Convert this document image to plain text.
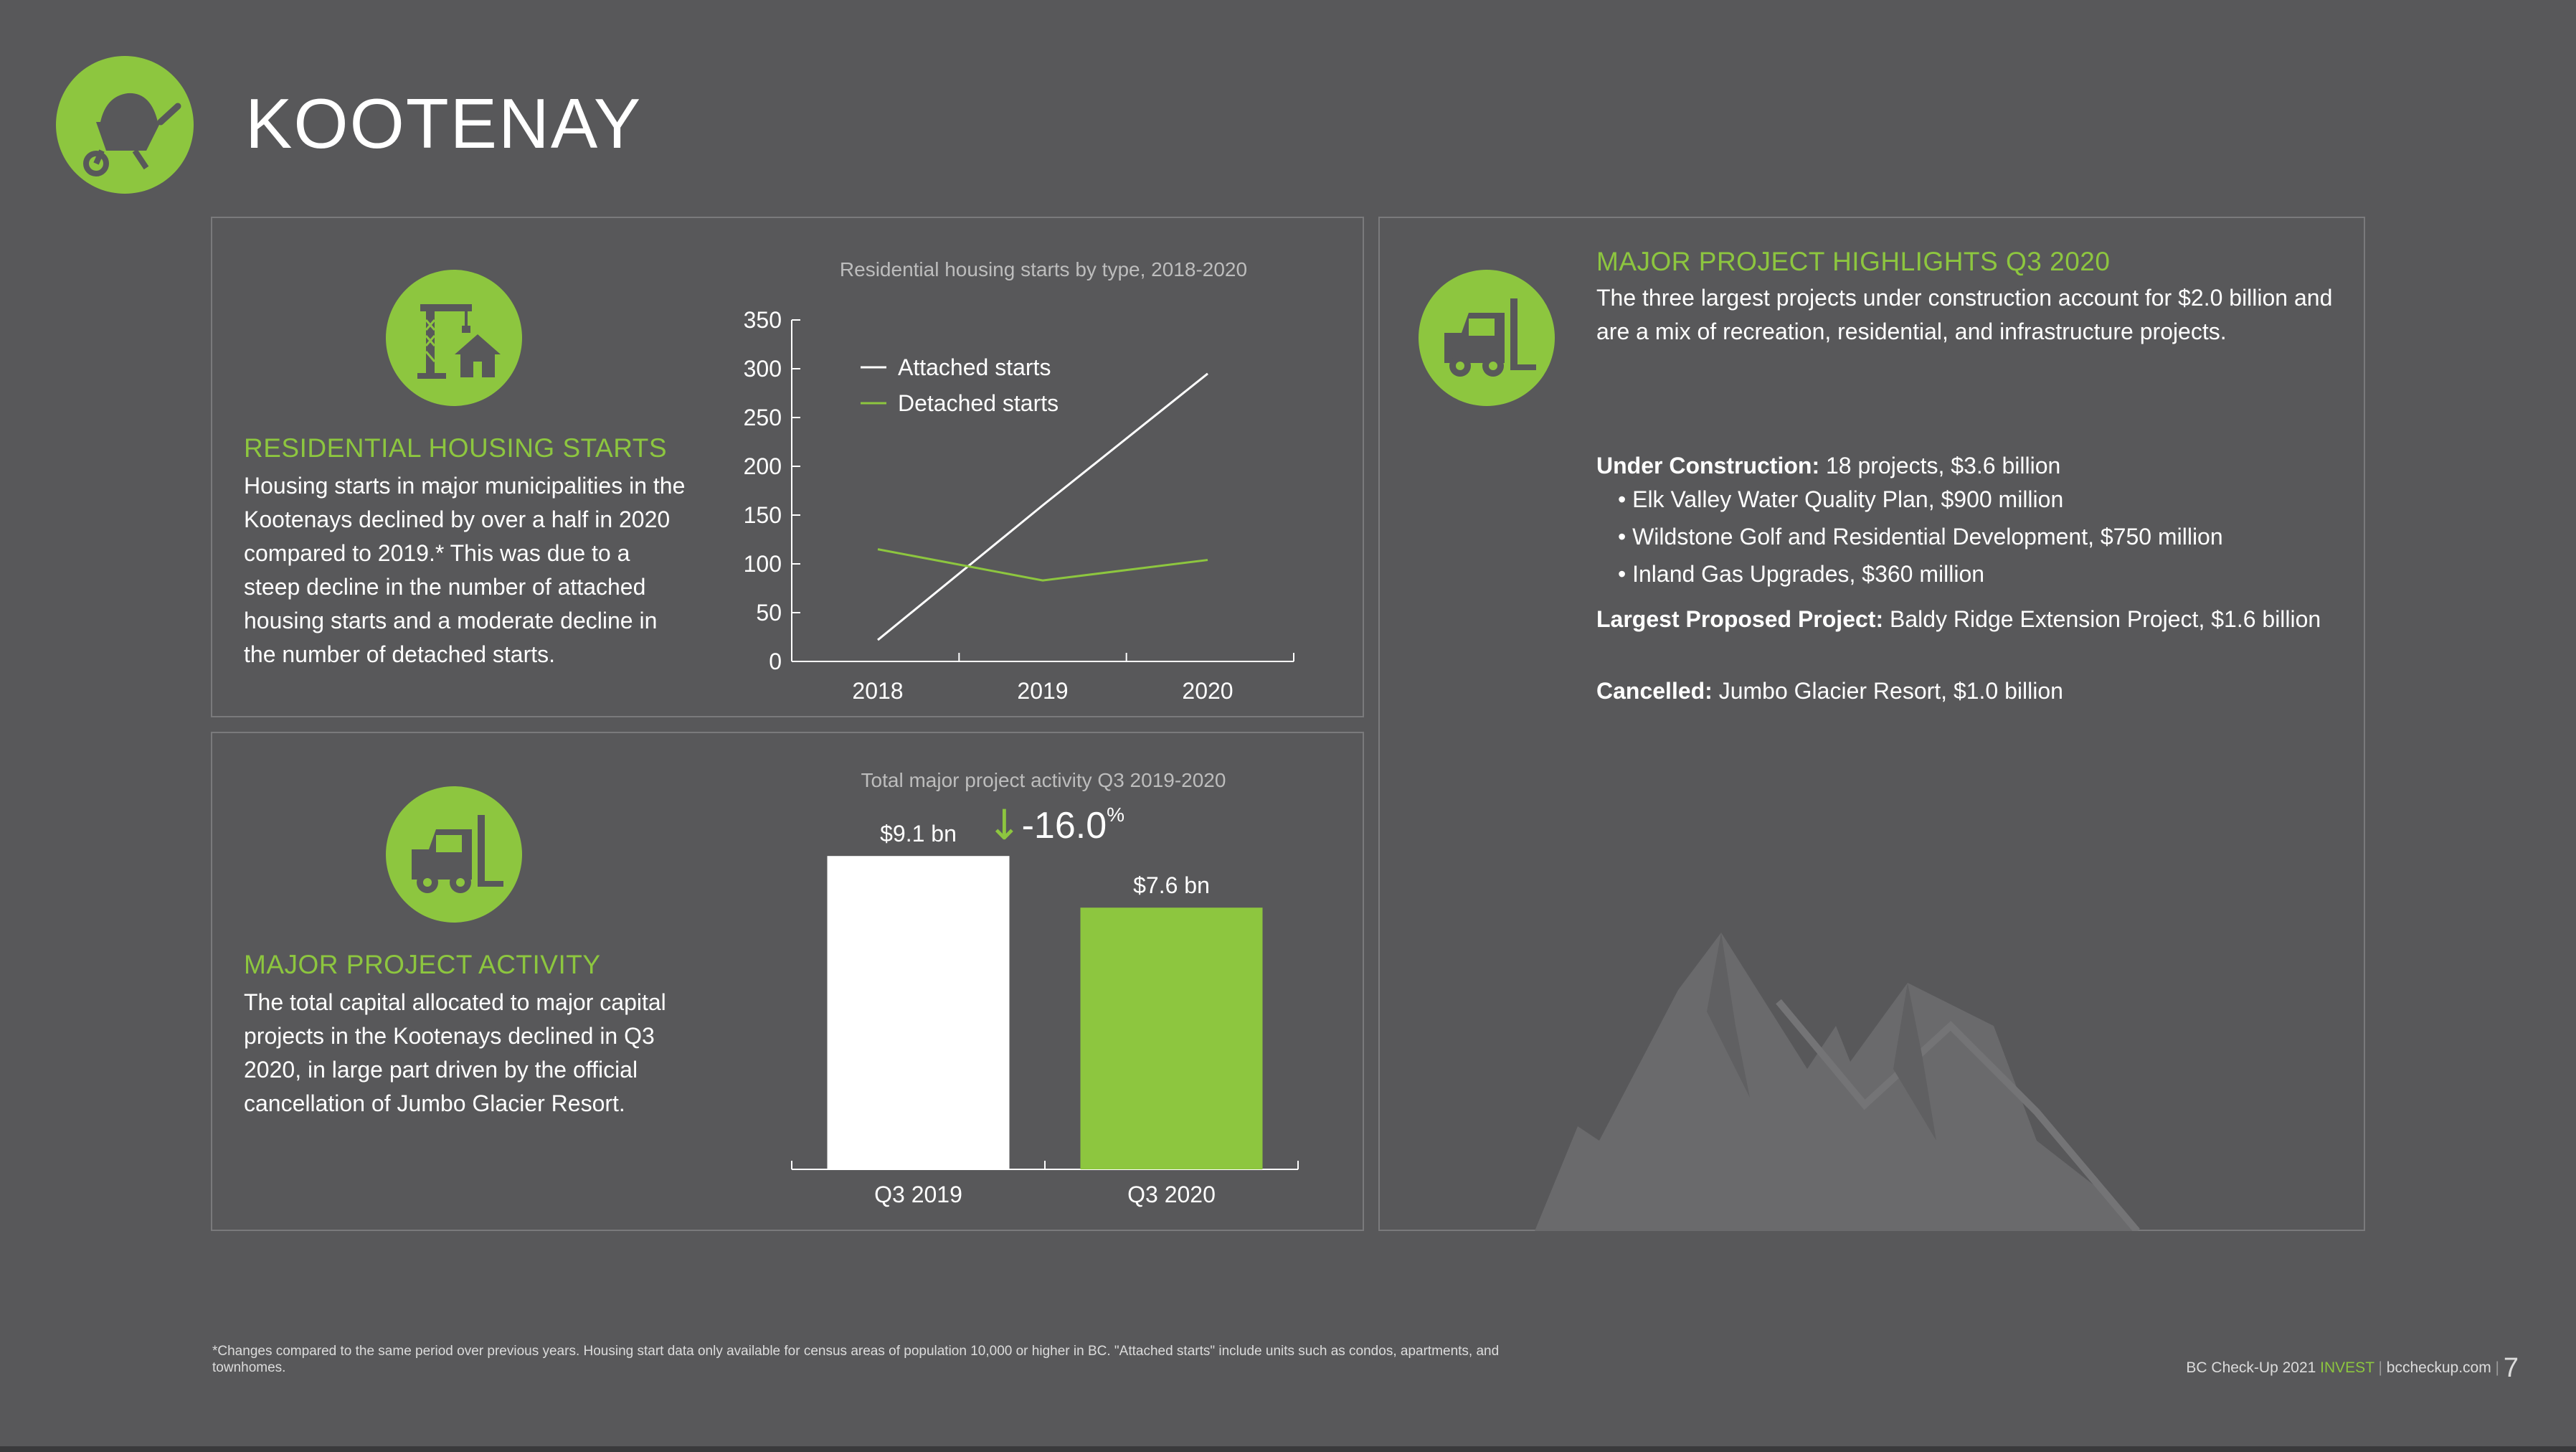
KOOTENAY
RESIDENTIAL HOUSING STARTS
Housing starts in major municipalities in the Kootenays declined by over a half in 2020 compared to 2019.* This was due to a steep decline in the number of attached housing starts and a moderate decline in the number of detached starts.
Residential housing starts by type, 2018-2020
0
50
100
150
200
250
300
350
2018	2019	2020
Attached starts
Detached starts
MAJOR PROJECT ACTIVITY
The total capital allocated to major capital projects in the Kootenays declined in Q3 2020, in large part driven by the official cancellation of Jumbo Glacier Resort.
Total major project activity Q3 2019-2020
↓-16.0%
$9.1 bn
Q3 2019
$7.6 bn
Q3 2020
MAJOR PROJECT HIGHLIGHTS Q3 2020
The three largest projects under construction account for $2.0 billion and are a mix of recreation, residential, and infrastructure projects.
Under Construction: 18 projects, $3.6 billion
• Elk Valley Water Quality Plan, $900 million
• Wildstone Golf and Residential Development, $750 million
• Inland Gas Upgrades, $360 million
Largest Proposed Project: Baldy Ridge Extension Project, $1.6 billion
Cancelled: Jumbo Glacier Resort, $1.0 billion
*Changes compared to the same period over previous years. Housing start data only available for census areas of population 10,000 or higher in BC. "Attached starts" include units such as condos, apartments, and townhomes.	BC Check-Up 2021 INVEST | bccheckup.com | 7
